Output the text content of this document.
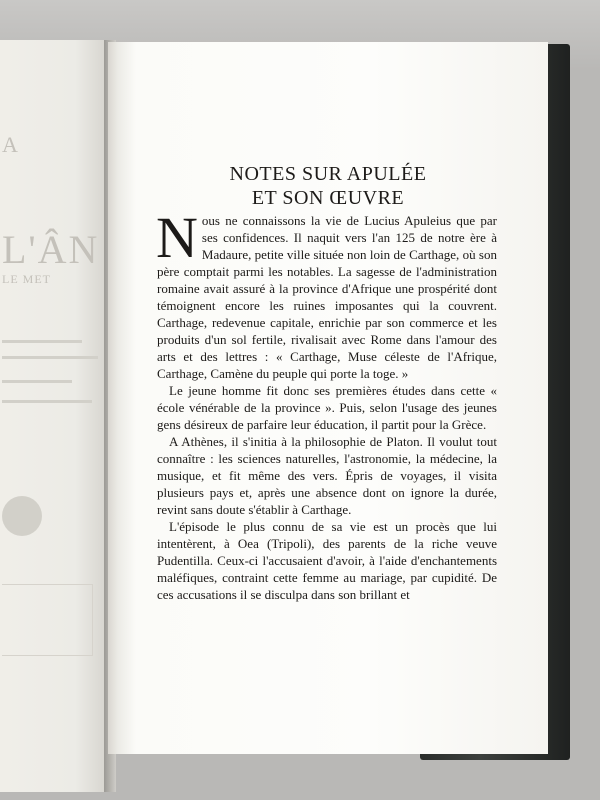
A
L'ÂN
LE MET
NOTES SUR APULÉE
ET SON ŒUVRE

Nous ne connaissons la vie de Lucius Apuleius que par ses confidences. Il naquit vers l'an 125 de notre ère à Madaure, petite ville située non loin de Carthage, où son père comptait parmi les notables. La sagesse de l'administration romaine avait assuré à la province d'Afrique une prospérité dont témoignent encore les ruines imposantes qui la couvrent. Carthage, redevenue capitale, enrichie par son commerce et les produits d'un sol fertile, rivalisait avec Rome dans l'amour des arts et des lettres : « Carthage, Muse céleste de l'Afrique, Carthage, Camène du peuple qui porte la toge. »

Le jeune homme fit donc ses premières études dans cette « école vénérable de la province ». Puis, selon l'usage des jeunes gens désireux de parfaire leur éducation, il partit pour la Grèce.

A Athènes, il s'initia à la philosophie de Platon. Il voulut tout connaître : les sciences naturelles, l'astronomie, la médecine, la musique, et fit même des vers. Épris de voyages, il visita plusieurs pays et, après une absence dont on ignore la durée, revint sans doute s'établir à Carthage.

L'épisode le plus connu de sa vie est un procès que lui intentèrent, à Oea (Tripoli), des parents de la riche veuve Pudentilla. Ceux-ci l'accusaient d'avoir, à l'aide d'enchantements maléfiques, contraint cette femme au mariage, par cupidité. De ces accusations il se disculpa dans son brillant et
